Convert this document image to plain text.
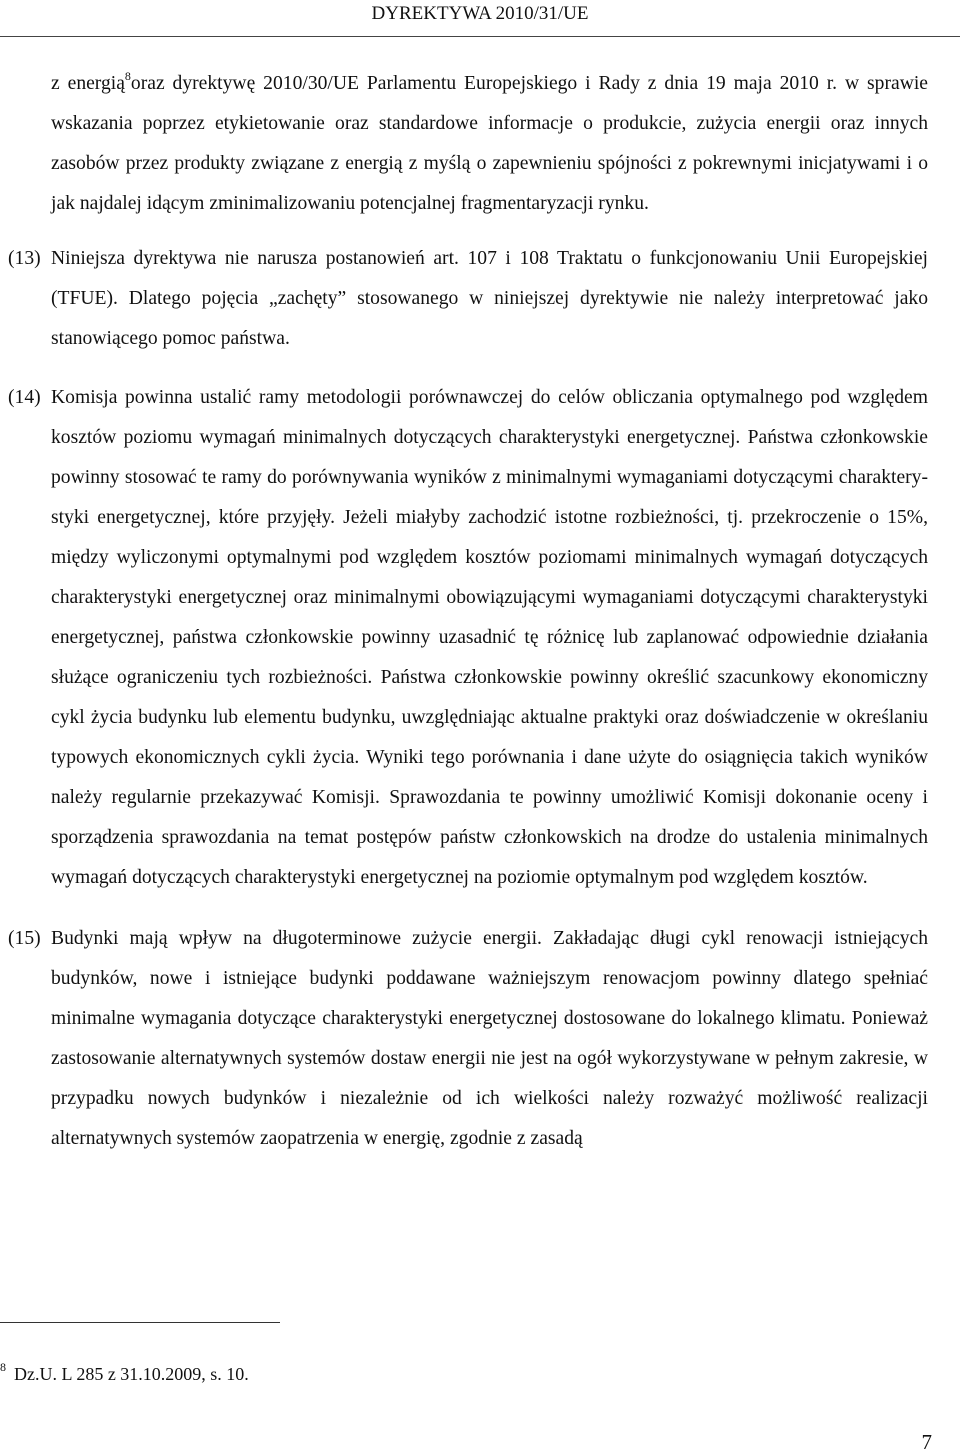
DYREKTYWA 2010/31/UE
z energią$^8$oraz dyrektywę 2010/30/UE Parlamentu Europejskiego i Rady z dnia 19 maja 2010 r. w sprawie wskazania poprzez etykietowanie oraz standardowe informacje o produkcie, zużycia energii oraz innych zasobów przez produkty związane z energią z myślą o zapewnieniu spójności z pokrewnymi inicjatywami i o jak najdalej idącym zminimalizowaniu potencjalnej fragmentaryzacji rynku.
(13) Niniejsza dyrektywa nie narusza postanowień art. 107 i 108 Traktatu o funkcjonowaniu Unii Europejskiej (TFUE). Dlatego pojęcia „zachęty” stosowanego w niniejszej dyrektywie nie należy interpretować jako stanowiącego pomoc państwa.
(14) Komisja powinna ustalić ramy metodologii porównawczej do celów obliczania optymalnego pod względem kosztów poziomu wymagań minimalnych dotyczących charakterystyki energetycznej. Państwa członkowskie powinny stosować te ramy do porównywania wyników z minimalnymi wymaganiami dotyczącymi charaktery-styki energetycznej, które przyjęły. Jeżeli miałyby zachodzić istotne rozbieżności, tj. przekroczenie o 15%, między wyliczonymi optymalnymi pod względem kosztów poziomami minimalnych wymagań dotyczących charakterystyki energetycznej oraz minimalnymi obowiązującymi wymaganiami dotyczącymi charakterystyki energetycznej, państwa członkowskie powinny uzasadnić tę różnicę lub zaplanować odpowiednie działania służące ograniczeniu tych rozbieżności. Państwa członkowskie powinny określić szacunkowy ekonomiczny cykl życia budynku lub elementu budynku, uwzględniając aktualne praktyki oraz doświadczenie w określaniu typowych ekonomicznych cykli życia. Wyniki tego porównania i dane użyte do osiągnięcia takich wyników należy regularnie przekazywać Komisji. Sprawozdania te powinny umożliwić Komisji dokonanie oceny i sporządzenia sprawozdania na temat postępów państw członkowskich na drodze do ustalenia minimalnych wymagań dotyczących charakterystyki energetycznej na poziomie optymalnym pod względem kosztów.
(15) Budynki mają wpływ na długoterminowe zużycie energii. Zakładając długi cykl renowacji istniejących budynków, nowe i istniejące budynki poddawane ważniejszym renowacjom powinny dlatego spełniać minimalne wymagania dotyczące charakterystyki energetycznej dostosowane do lokalnego klimatu. Ponieważ zastosowanie alternatywnych systemów dostaw energii nie jest na ogół wykorzystywane w pełnym zakresie, w przypadku nowych budynków i niezależnie od ich wielkości należy rozważyć możliwość realizacji alternatywnych systemów zaopatrzenia w energię, zgodnie z zasadą
$^8$ Dz.U. L 285 z 31.10.2009, s. 10.
7
